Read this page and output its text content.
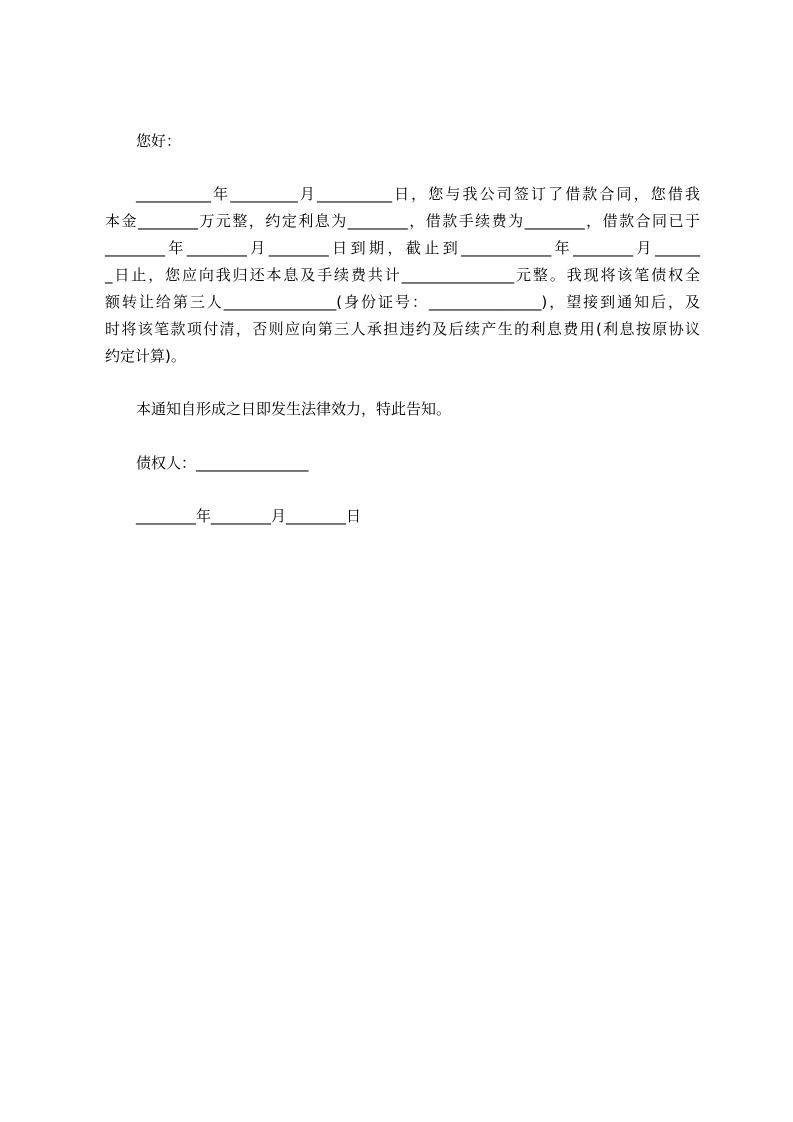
您好：
__________年_________月__________日，您与我公司签订了借款合同，您借我
本金________万元整，约定利息为________，借款手续费为________，借款合同已于
________年________月________日到期，截止到____________年________月______
_日止，您应向我归还本息及手续费共计_______________元整。我现将该笔债权全
额转让给第三人_______________(身份证号：_______________)，望接到通知后，及
时将该笔款项付清，否则应向第三人承担违约及后续产生的利息费用(利息按原协议
约定计算)。
本通知自形成之日即发生法律效力，特此告知。
债权人：_______________
________年________月________日
